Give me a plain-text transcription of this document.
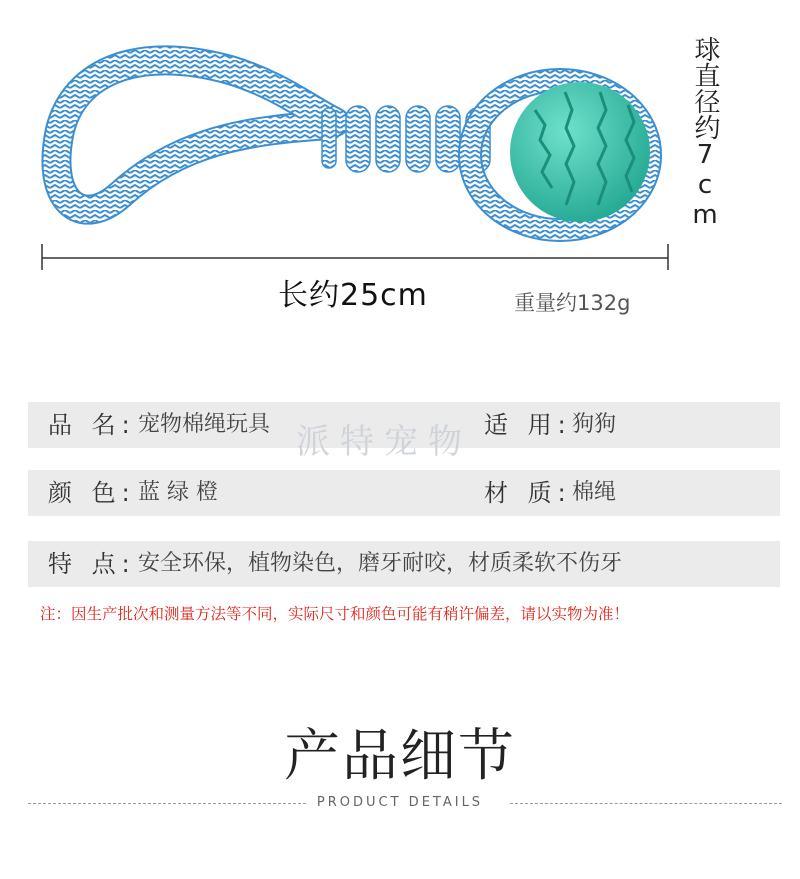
球直径约7cm
长约25cm	重量约132g
品 名: 宠物棉绳玩具	适 用: 狗狗
颜 色: 蓝 绿 橙	材 质: 棉绳
特 点: 安全环保，植物染色，磨牙耐咬，材质柔软不伤牙
派特宠物
注：因生产批次和测量方法等不同，实际尺寸和颜色可能有稍许偏差，请以实物为准！
产品细节
PRODUCT DETAILS
